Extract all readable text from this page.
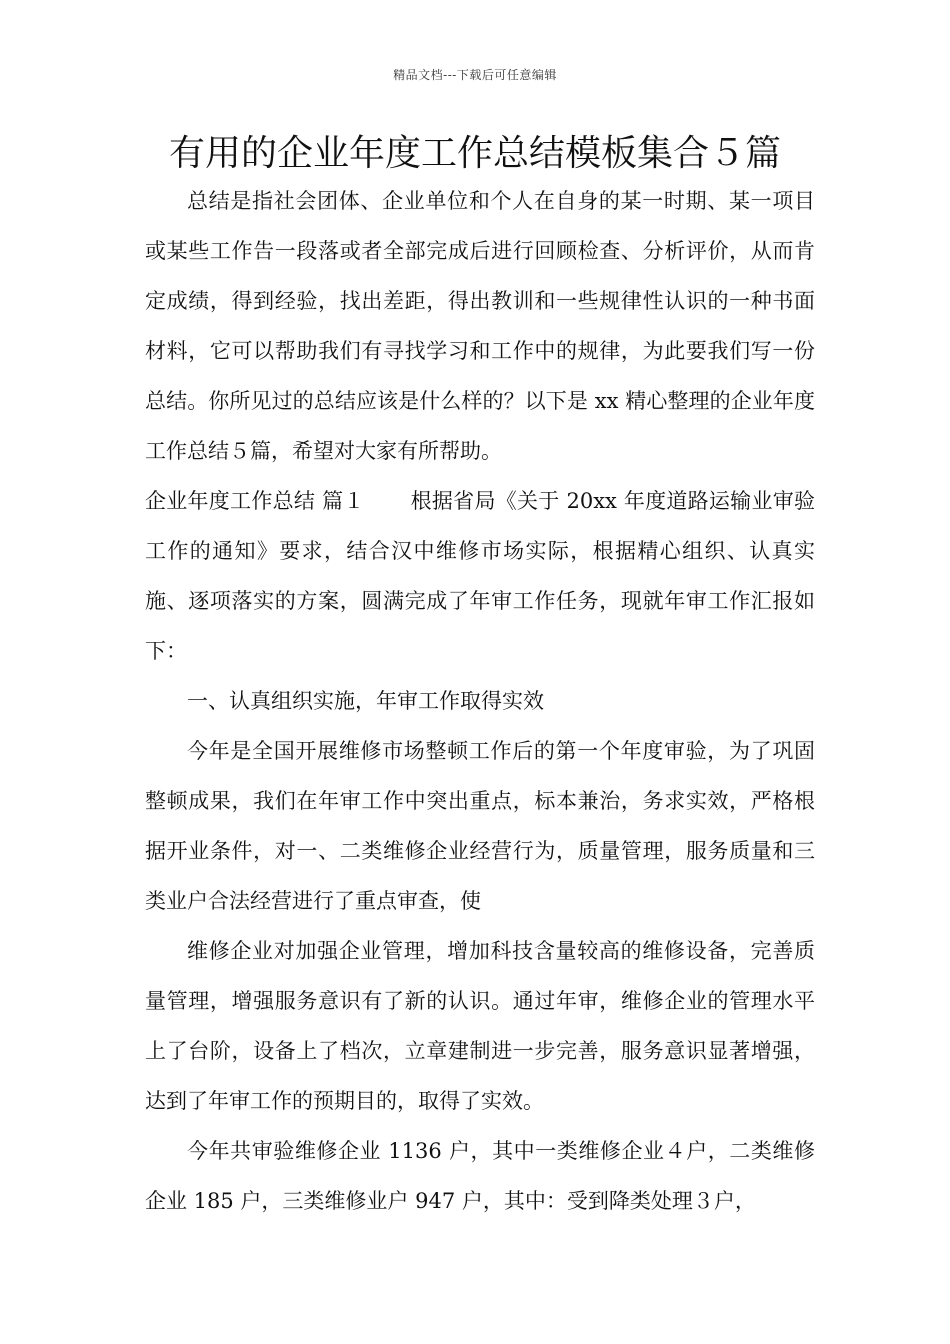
精品文档---下载后可任意编辑
有用的企业年度工作总结模板集合５篇

总结是指社会团体、企业单位和个人在自身的某一时期、某一项目或某些工作告一段落或者全部完成后进行回顾检查、分析评价，从而肯定成绩，得到经验，找出差距，得出教训和一些规律性认识的一种书面材料，它可以帮助我们有寻找学习和工作中的规律，为此要我们写一份总结。你所见过的总结应该是什么样的？以下是 xx 精心整理的企业年度工作总结５篇，希望对大家有所帮助。

企业年度工作总结 篇１ 根据省局《关于 20xx 年度道路运输业审验工作的通知》要求，结合汉中维修市场实际，根据精心组织、认真实施、逐项落实的方案，圆满完成了年审工作任务，现就年审工作汇报如下：

一、认真组织实施，年审工作取得实效

今年是全国开展维修市场整顿工作后的第一个年度审验，为了巩固整顿成果，我们在年审工作中突出重点，标本兼治，务求实效，严格根据开业条件，对一、二类维修企业经营行为，质量管理，服务质量和三类业户合法经营进行了重点审查，使

维修企业对加强企业管理，增加科技含量较高的维修设备，完善质量管理，增强服务意识有了新的认识。通过年审，维修企业的管理水平上了台阶，设备上了档次，立章建制进一步完善，服务意识显著增强，达到了年审工作的预期目的，取得了实效。

今年共审验维修企业 1136 户，其中一类维修企业４户，二类维修企业 185 户，三类维修业户 947 户，其中：受到降类处理３户，
